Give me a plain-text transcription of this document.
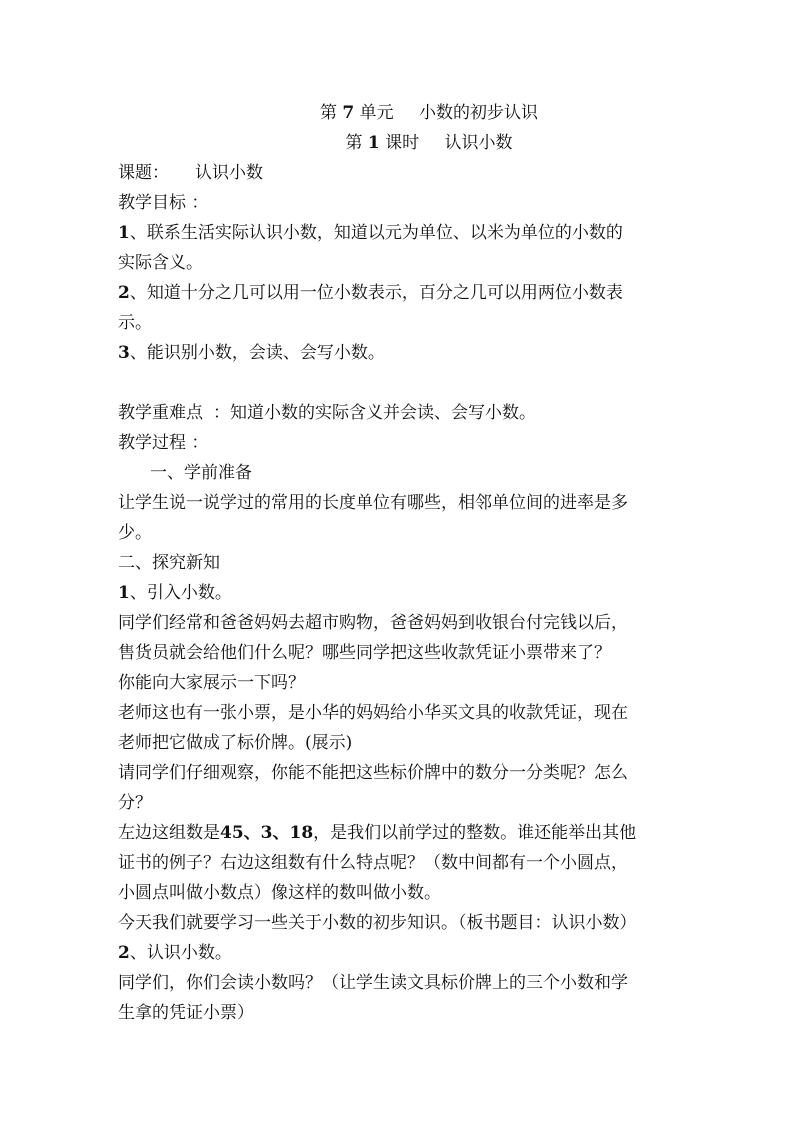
第 7 单元 小数的初步认识
第 1 课时 认识小数
课题： 认识小数
教学目标 ：
1、联系生活实际认识小数，知道以元为单位、以米为单位的小数的
实际含义。
2、知道十分之几可以用一位小数表示，百分之几可以用两位小数表
示。
3、能识别小数，会读、会写小数。
教学重难点 ：知道小数的实际含义并会读、会写小数。
教学过程 ：
一、学前准备
让学生说一说学过的常用的长度单位有哪些，相邻单位间的进率是多
少。
二、探究新知
1、引入小数。
同学们经常和爸爸妈妈去超市购物，爸爸妈妈到收银台付完钱以后，
售货员就会给他们什么呢？哪些同学把这些收款凭证小票带来了？
你能向大家展示一下吗？
老师这也有一张小票，是小华的妈妈给小华买文具的收款凭证，现在
老师把它做成了标价牌。(展示)
请同学们仔细观察，你能不能把这些标价牌中的数分一分类呢？怎么
分？
左边这组数是45、3、18，是我们以前学过的整数。谁还能举出其他
证书的例子？右边这组数有什么特点呢？（数中间都有一个小圆点，
小圆点叫做小数点）像这样的数叫做小数。
今天我们就要学习一些关于小数的初步知识。（板书题目：认识小数）
2、认识小数。
同学们，你们会读小数吗？（让学生读文具标价牌上的三个小数和学
生拿的凭证小票）
